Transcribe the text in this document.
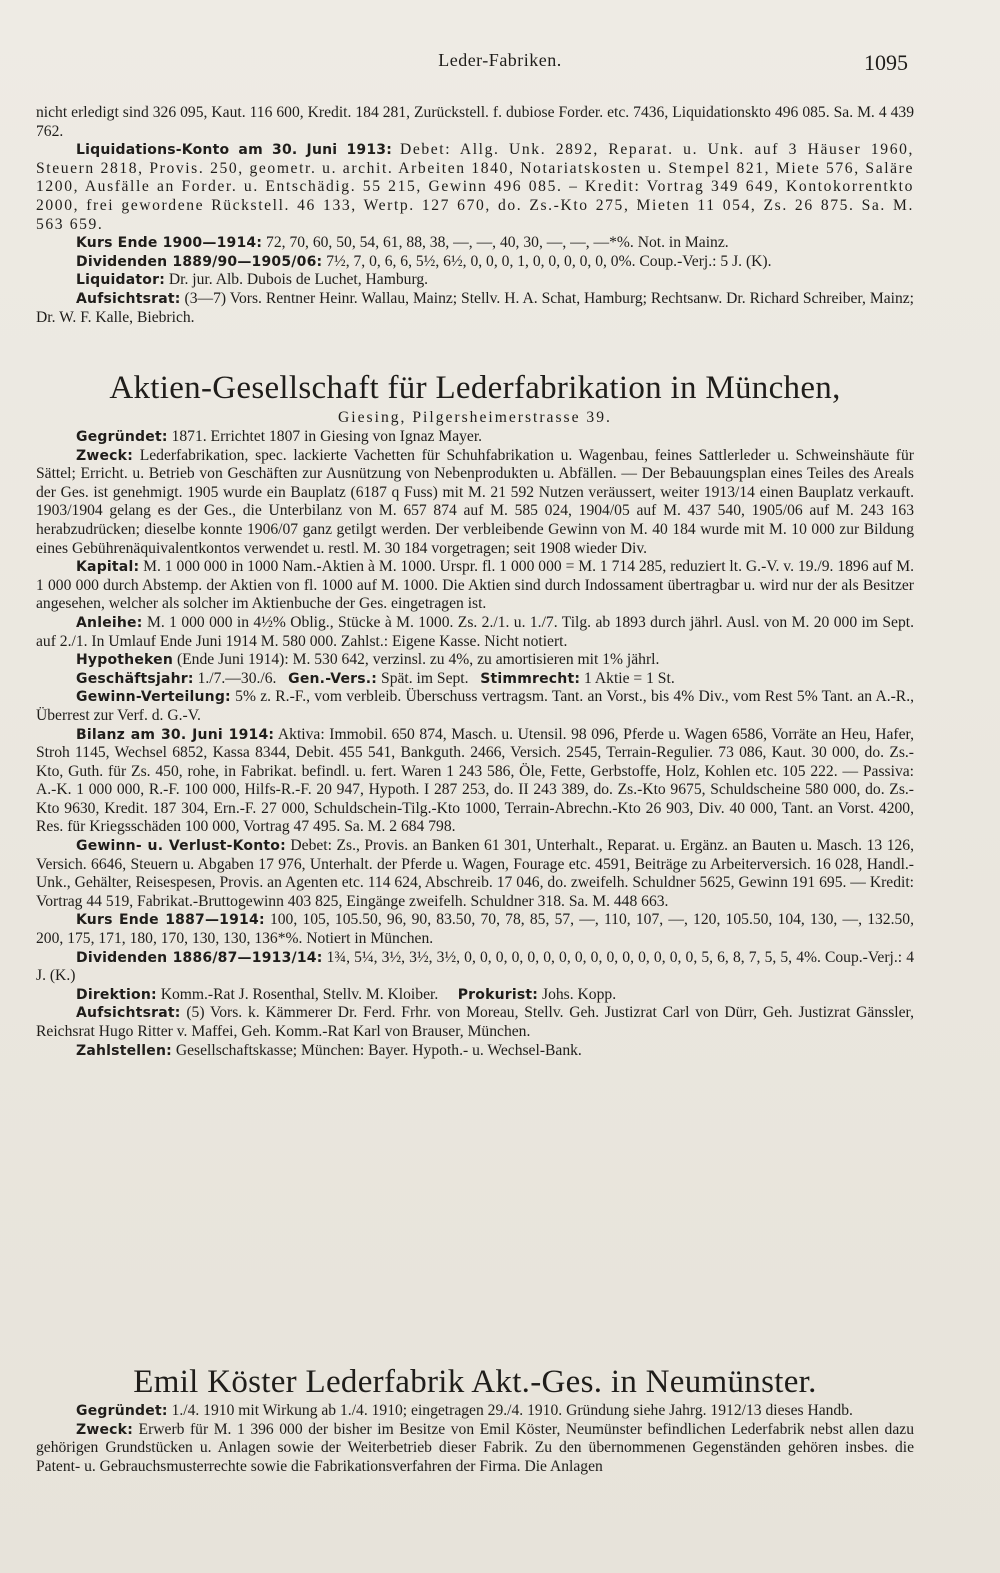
Leder-Fabriken.	1095

nicht erledigt sind 326 095, Kaut. 116 600, Kredit. 184 281, Zurückstell. f. dubiose Forder. etc. 7436, Liquidationskto 496 085. Sa. M. 4 439 762.

Liquidations-Konto am 30. Juni 1913: Debet: Allg. Unk. 2892, Reparat. u. Unk. auf 3 Häuser 1960, Steuern 2818, Provis. 250, geometr. u. archit. Arbeiten 1840, Notariatskosten u. Stempel 821, Miete 576, Saläre 1200, Ausfälle an Forder. u. Entschädig. 55 215, Gewinn 496 085. – Kredit: Vortrag 349 649, Kontokorrentkto 2000, frei gewordene Rückstell. 46 133, Wertp. 127 670, do. Zs.-Kto 275, Mieten 11 054, Zs. 26 875. Sa. M. 563 659.

Kurs Ende 1900—1914: 72, 70, 60, 50, 54, 61, 88, 38, —, —, 40, 30, —, —, —*%. Not. in Mainz.

Dividenden 1889/90—1905/06: 7½, 7, 0, 6, 6, 5½, 6½, 0, 0, 0, 1, 0, 0, 0, 0, 0, 0%. Coup.-Verj.: 5 J. (K).

Liquidator: Dr. jur. Alb. Dubois de Luchet, Hamburg.

Aufsichtsrat: (3—7) Vors. Rentner Heinr. Wallau, Mainz; Stellv. H. A. Schat, Hamburg; Rechtsanw. Dr. Richard Schreiber, Mainz; Dr. W. F. Kalle, Biebrich.

Aktien-Gesellschaft für Lederfabrikation in München,
Giesing, Pilgersheimerstrasse 39.

Gegründet: 1871. Errichtet 1807 in Giesing von Ignaz Mayer.

Zweck: Lederfabrikation, spec. lackierte Vachetten für Schuhfabrikation u. Wagenbau, feines Sattlerleder u. Schweinshäute für Sättel; Erricht. u. Betrieb von Geschäften zur Ausnützung von Nebenprodukten u. Abfällen. — Der Bebauungsplan eines Teiles des Areals der Ges. ist genehmigt. 1905 wurde ein Bauplatz (6187 q Fuss) mit M. 21 592 Nutzen veräussert, weiter 1913/14 einen Bauplatz verkauft. 1903/1904 gelang es der Ges., die Unterbilanz von M. 657 874 auf M. 585 024, 1904/05 auf M. 437 540, 1905/06 auf M. 243 163 herabzudrücken; dieselbe konnte 1906/07 ganz getilgt werden. Der verbleibende Gewinn von M. 40 184 wurde mit M. 10 000 zur Bildung eines Gebührenäquivalentkontos verwendet u. restl. M. 30 184 vorgetragen; seit 1908 wieder Div.

Kapital: M. 1 000 000 in 1000 Nam.-Aktien à M. 1000. Urspr. fl. 1 000 000 = M. 1 714 285, reduziert lt. G.-V. v. 19./9. 1896 auf M. 1 000 000 durch Abstemp. der Aktien von fl. 1000 auf M. 1000. Die Aktien sind durch Indossament übertragbar u. wird nur der als Besitzer angesehen, welcher als solcher im Aktienbuche der Ges. eingetragen ist.

Anleihe: M. 1 000 000 in 4½% Oblig., Stücke à M. 1000. Zs. 2./1. u. 1./7. Tilg. ab 1893 durch jährl. Ausl. von M. 20 000 im Sept. auf 2./1. In Umlauf Ende Juni 1914 M. 580 000. Zahlst.: Eigene Kasse. Nicht notiert.

Hypotheken (Ende Juni 1914): M. 530 642, verzinsl. zu 4%, zu amortisieren mit 1% jährl.

Geschäftsjahr: 1./7.—30./6. Gen.-Vers.: Spät. im Sept. Stimmrecht: 1 Aktie = 1 St.

Gewinn-Verteilung: 5% z. R.-F., vom verbleib. Überschuss vertragsm. Tant. an Vorst., bis 4% Div., vom Rest 5% Tant. an A.-R., Überrest zur Verf. d. G.-V.

Bilanz am 30. Juni 1914: Aktiva: Immobil. 650 874, Masch. u. Utensil. 98 096, Pferde u. Wagen 6586, Vorräte an Heu, Hafer, Stroh 1145, Wechsel 6852, Kassa 8344, Debit. 455 541, Bankguth. 2466, Versich. 2545, Terrain-Regulier. 73 086, Kaut. 30 000, do. Zs.-Kto, Guth. für Zs. 450, rohe, in Fabrikat. befindl. u. fert. Waren 1 243 586, Öle, Fette, Gerbstoffe, Holz, Kohlen etc. 105 222. — Passiva: A.-K. 1 000 000, R.-F. 100 000, Hilfs-R.-F. 20 947, Hypoth. I 287 253, do. II 243 389, do. Zs.-Kto 9675, Schuldscheine 580 000, do. Zs.-Kto 9630, Kredit. 187 304, Ern.-F. 27 000, Schuldschein-Tilg.-Kto 1000, Terrain-Abrechn.-Kto 26 903, Div. 40 000, Tant. an Vorst. 4200, Res. für Kriegsschäden 100 000, Vortrag 47 495. Sa. M. 2 684 798.

Gewinn- u. Verlust-Konto: Debet: Zs., Provis. an Banken 61 301, Unterhalt., Reparat. u. Ergänz. an Bauten u. Masch. 13 126, Versich. 6646, Steuern u. Abgaben 17 976, Unterhalt. der Pferde u. Wagen, Fourage etc. 4591, Beiträge zu Arbeiterversich. 16 028, Handl.-Unk., Gehälter, Reisespesen, Provis. an Agenten etc. 114 624, Abschreib. 17 046, do. zweifelh. Schuldner 5625, Gewinn 191 695. — Kredit: Vortrag 44 519, Fabrikat.-Bruttogewinn 403 825, Eingänge zweifelh. Schuldner 318. Sa. M. 448 663.

Kurs Ende 1887—1914: 100, 105, 105.50, 96, 90, 83.50, 70, 78, 85, 57, —, 110, 107, —, 120, 105.50, 104, 130, —, 132.50, 200, 175, 171, 180, 170, 130, 130, 136*%. Notiert in München.

Dividenden 1886/87—1913/14: 1¾, 5¼, 3½, 3½, 3½, 0, 0, 0, 0, 0, 0, 0, 0, 0, 0, 0, 0, 0, 0, 0, 5, 6, 8, 7, 5, 5, 4%. Coup.-Verj.: 4 J. (K.)

Direktion: Komm.-Rat J. Rosenthal, Stellv. M. Kloiber. Prokurist: Johs. Kopp.

Aufsichtsrat: (5) Vors. k. Kämmerer Dr. Ferd. Frhr. von Moreau, Stellv. Geh. Justizrat Carl von Dürr, Geh. Justizrat Gänssler, Reichsrat Hugo Ritter v. Maffei, Geh. Komm.-Rat Karl von Brauser, München.

Zahlstellen: Gesellschaftskasse; München: Bayer. Hypoth.- u. Wechsel-Bank.

Emil Köster Lederfabrik Akt.-Ges. in Neumünster.

Gegründet: 1./4. 1910 mit Wirkung ab 1./4. 1910; eingetragen 29./4. 1910. Gründung siehe Jahrg. 1912/13 dieses Handb.

Zweck: Erwerb für M. 1 396 000 der bisher im Besitze von Emil Köster, Neumünster befindlichen Lederfabrik nebst allen dazu gehörigen Grundstücken u. Anlagen sowie der Weiterbetrieb dieser Fabrik. Zu den übernommenen Gegenständen gehören insbes. die Patent- u. Gebrauchsmusterrechte sowie die Fabrikationsverfahren der Firma. Die Anlagen
